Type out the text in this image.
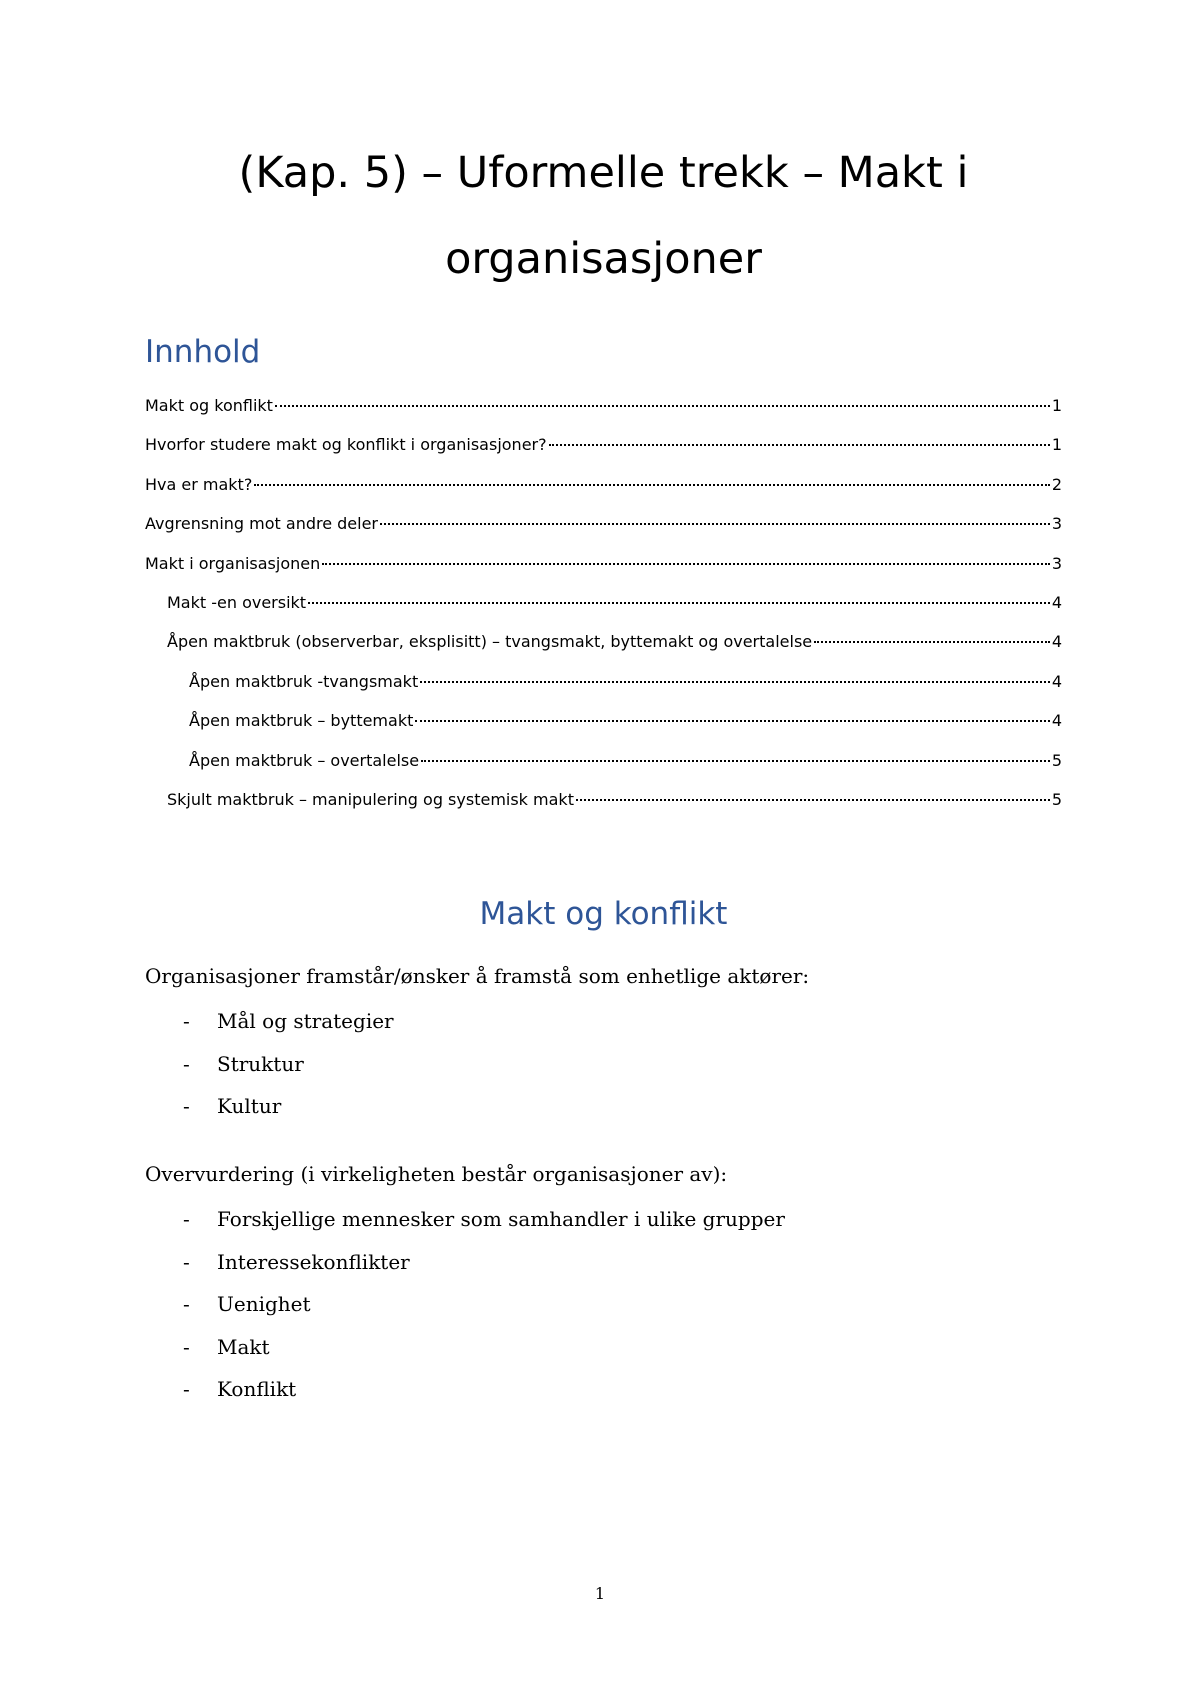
(Kap. 5) – Uformelle trekk – Makt i organisasjoner
Innhold
Makt og konflikt	1
Hvorfor studere makt og konflikt i organisasjoner?	1
Hva er makt?	2
Avgrensning mot andre deler	3
Makt i organisasjonen	3
Makt -en oversikt	4
Åpen maktbruk (observerbar, eksplisitt) – tvangsmakt, byttemakt og overtalelse	4
Åpen maktbruk -tvangsmakt	4
Åpen maktbruk – byttemakt	4
Åpen maktbruk – overtalelse	5
Skjult maktbruk – manipulering og systemisk makt	5
Makt og konflikt

Organisasjoner framstår/ønsker å framstå som enhetlige aktører:

-	Mål og strategier
-	Struktur
-	Kultur

Overvurdering (i virkeligheten består organisasjoner av):

-	Forskjellige mennesker som samhandler i ulike grupper
-	Interessekonflikter
-	Uenighet
-	Makt
-	Konflikt
1
